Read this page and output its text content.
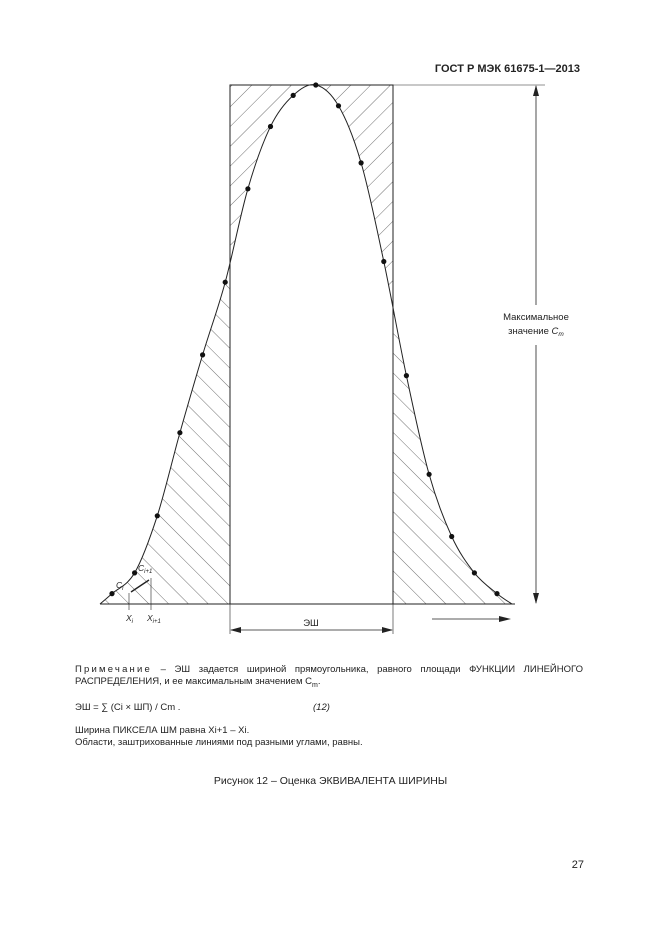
ГОСТ Р МЭК 61675-1—2013
Максимальное
значение $C_m$
ЭШ
$C_i$
$C_{i+1}$
$X_i$ $X_{i+1}$
Примечание – ЭШ задается шириной прямоугольника, равного площади ФУНКЦИИ ЛИНЕЙНОГО РАСПРЕДЕЛЕНИЯ, и ее максимальным значением $C_m$.
ЭШ = ∑ (Ci × ШП) / Cm .	(12)
Ширина ПИКСЕЛА ШМ равна Xi+1 – Xi.
Области, заштрихованные линиями под разными углами, равны.
Рисунок 12 – Оценка ЭКВИВАЛЕНТА ШИРИНЫ
27
